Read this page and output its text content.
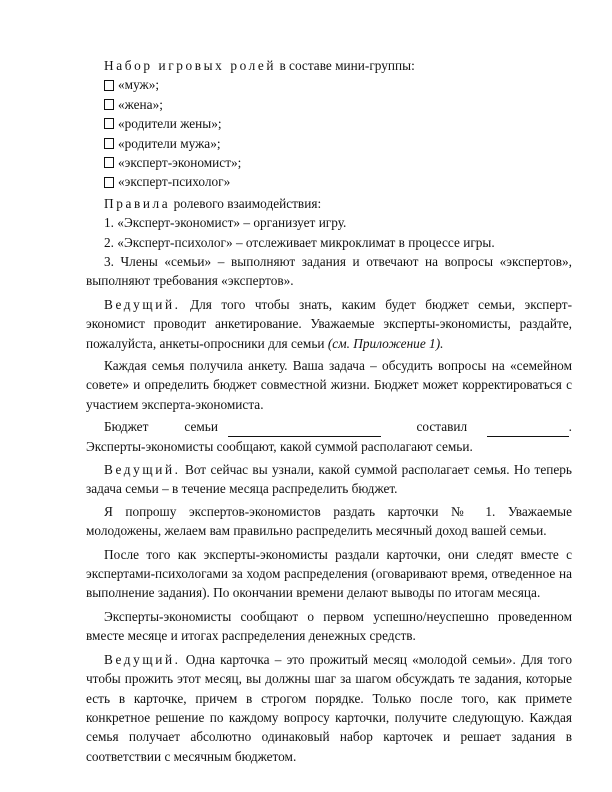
Набор игровых ролей в составе мини-группы:

«муж»;
«жена»;
«родители жены»;
«родители мужа»;
«эксперт-экономист»;
«эксперт-психолог»

Правила ролевого взаимодействия:

1. «Эксперт-экономист» – организует игру.

2. «Эксперт-психолог» – отслеживает микроклимат в процессе игры.

3. Члены «семьи» – выполняют задания и отвечают на вопросы «экспертов», выполняют требования «экспертов».

Ведущий. Для того чтобы знать, каким будет бюджет семьи, эксперт-экономист проводит анкетирование. Уважаемые эксперты-экономисты, раздайте, пожалуйста, анкеты-опросники для семьи (см. Приложение 1).

Каждая семья получила анкету. Ваша задача – обсудить вопросы на «семейном совете» и определить бюджет совместной жизни. Бюджет может корректироваться с участием эксперта-экономиста.

Бюджет	семьи	составил	.

Эксперты-экономисты сообщают, какой суммой располагают семьи.

Ведущий. Вот сейчас вы узнали, какой суммой располагает семья. Но теперь задача семьи – в течение месяца распределить бюджет.

Я попрошу экспертов-экономистов раздать карточки № 1. Уважаемые молодожены, желаем вам правильно распределить месячный доход вашей семьи.

После того как эксперты-экономисты раздали карточки, они следят вместе с экспертами-психологами за ходом распределения (оговаривают время, отведенное на выполнение задания). По окончании времени делают выводы по итогам месяца.

Эксперты-экономисты сообщают о первом успешно/неуспешно проведенном вместе месяце и итогах распределения денежных средств.

Ведущий. Одна карточка – это прожитый месяц «молодой семьи». Для того чтобы прожить этот месяц, вы должны шаг за шагом обсуждать те задания, которые есть в карточке, причем в строгом порядке. Только после того, как примете конкретное решение по каждому вопросу карточки, получите следующую. Каждая семья получает абсолютно одинаковый набор карточек и решает задания в соответствии с месячным бюджетом.
